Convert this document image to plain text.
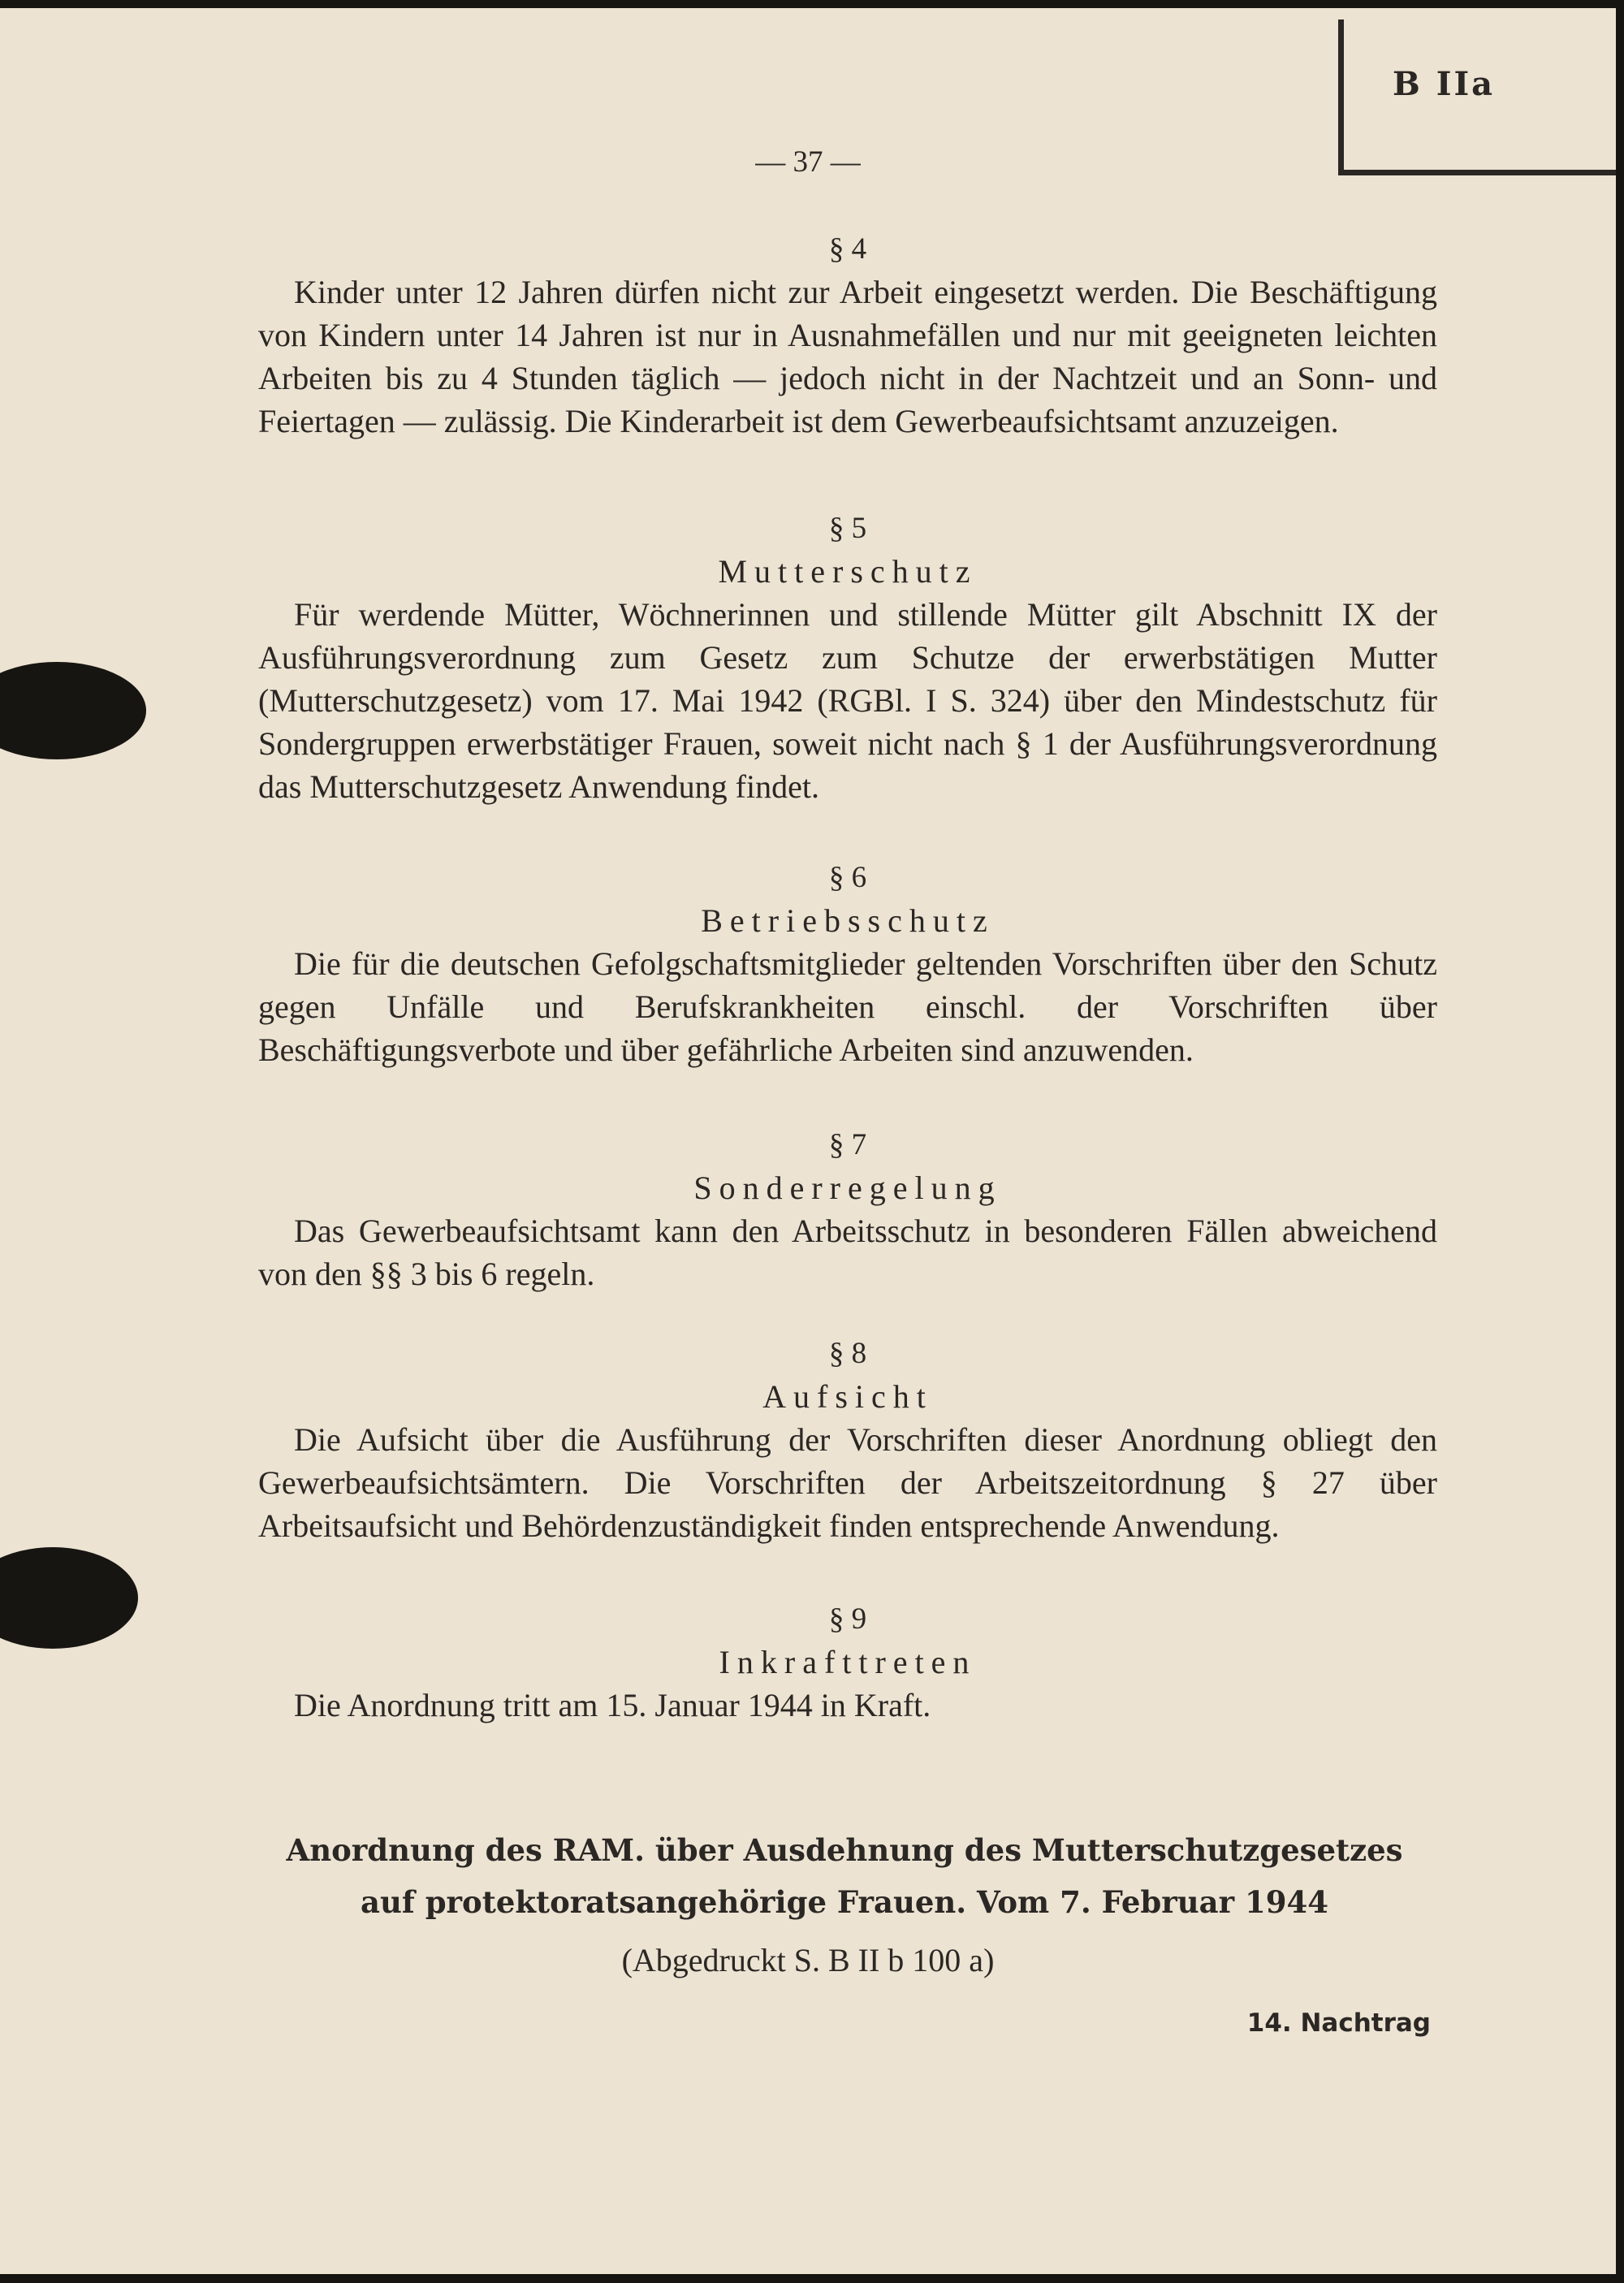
B IIa
— 37 —

§ 4

Kinder unter 12 Jahren dürfen nicht zur Arbeit eingesetzt werden. Die Beschäftigung von Kindern unter 14 Jahren ist nur in Ausnahmefällen und nur mit geeigneten leichten Arbeiten bis zu 4 Stunden täglich — jedoch nicht in der Nachtzeit und an Sonn- und Feiertagen — zulässig. Die Kinderarbeit ist dem Gewerbeaufsichtsamt anzuzeigen.

§ 5

Mutterschutz

Für werdende Mütter, Wöchnerinnen und stillende Mütter gilt Abschnitt IX der Ausführungsverordnung zum Gesetz zum Schutze der erwerbstätigen Mutter (Mutterschutzgesetz) vom 17. Mai 1942 (RGBl. I S. 324) über den Mindestschutz für Sondergruppen erwerbstätiger Frauen, soweit nicht nach § 1 der Ausführungsverordnung das Mutterschutzgesetz Anwendung findet.

§ 6

Betriebsschutz

Die für die deutschen Gefolgschaftsmitglieder geltenden Vorschriften über den Schutz gegen Unfälle und Berufskrankheiten einschl. der Vorschriften über Beschäftigungsverbote und über gefährliche Arbeiten sind anzuwenden.

§ 7

Sonderregelung

Das Gewerbeaufsichtsamt kann den Arbeitsschutz in besonderen Fällen abweichend von den §§ 3 bis 6 regeln.

§ 8

Aufsicht

Die Aufsicht über die Ausführung der Vorschriften dieser Anordnung obliegt den Gewerbeaufsichtsämtern. Die Vorschriften der Arbeitszeitordnung § 27 über Arbeitsaufsicht und Behördenzuständigkeit finden entsprechende Anwendung.

§ 9

Inkrafttreten

Die Anordnung tritt am 15. Januar 1944 in Kraft.

Anordnung des RAM. über Ausdehnung des Mutterschutzgesetzes
auf protektoratsangehörige Frauen. Vom 7. Februar 1944
(Abgedruckt S. B II b 100 a)
14. Nachtrag
